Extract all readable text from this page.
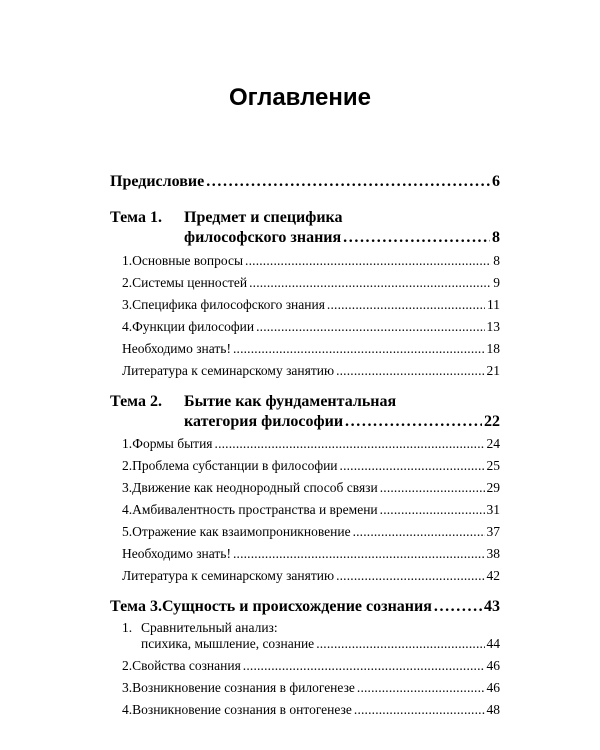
Оглавление
Предисловие . . .	6
Тема 1. Предмет и специфика
философского знания . . .	8
1. Основные вопросы . . .	8
2. Системы ценностей . . .	9
3. Специфика философского знания . . .	11
4. Функции философии . . .	13
Необходимо знать! . . .	18
Литература к семинарскому занятию . . .	21
Тема 2. Бытие как фундаментальная
категория философии . . .	22
1. Формы бытия . . .	24
2. Проблема субстанции в философии . . .	25
3. Движение как неоднородный способ связи . . .	29
4. Амбивалентность пространства и времени . . .	31
5. Отражение как взаимопроникновение . . .	37
Необходимо знать! . . .	38
Литература к семинарскому занятию . . .	42
Тема 3. Сущность и происхождение сознания . . .	43
1. Сравнительный анализ:
психика, мышление, сознание . . .	44
2. Свойства сознания . . .	46
3. Возникновение сознания в филогенезе . . .	46
4. Возникновение сознания в онтогенезе . . .	48
